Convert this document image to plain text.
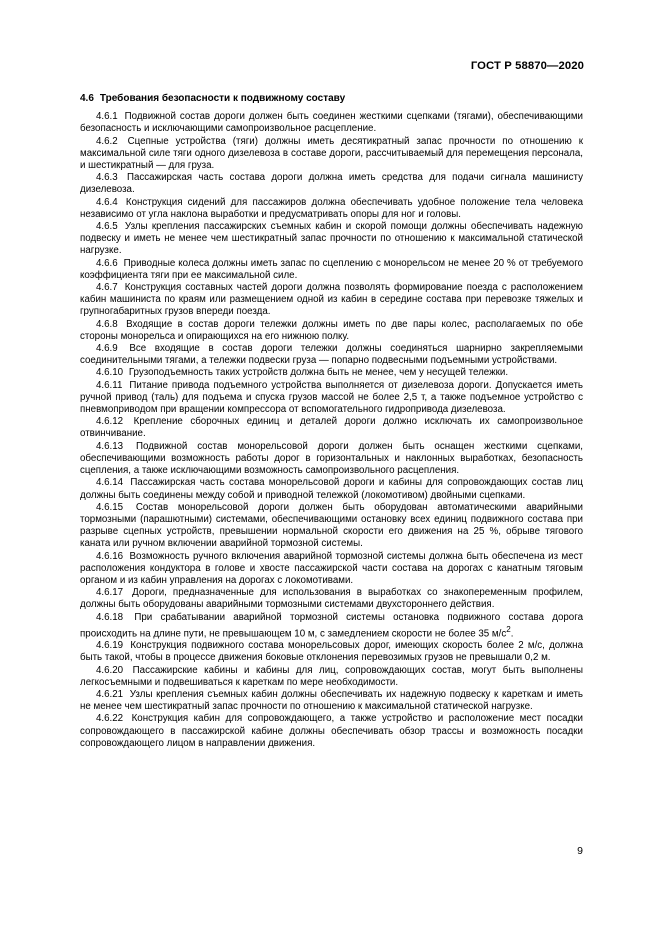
ГОСТ Р 58870—2020
4.6 Требования безопасности к подвижному составу

4.6.1 Подвижной состав дороги должен быть соединен жесткими сцепками (тягами), обеспечивающими безопасность и исключающими самопроизвольное расцепление.

4.6.2 Сцепные устройства (тяги) должны иметь десятикратный запас прочности по отношению к максимальной силе тяги одного дизелевоза в составе дороги, рассчитываемый для перемещения персонала, и шестикратный — для груза.

4.6.3 Пассажирская часть состава дороги должна иметь средства для подачи сигнала машинисту дизелевоза.

4.6.4 Конструкция сидений для пассажиров должна обеспечивать удобное положение тела человека независимо от угла наклона выработки и предусматривать опоры для ног и головы.

4.6.5 Узлы крепления пассажирских съемных кабин и скорой помощи должны обеспечивать надежную подвеску и иметь не менее чем шестикратный запас прочности по отношению к максимальной статической нагрузке.

4.6.6 Приводные колеса должны иметь запас по сцеплению с монорельсом не менее 20 % от требуемого коэффициента тяги при ее максимальной силе.

4.6.7 Конструкция составных частей дороги должна позволять формирование поезда с расположением кабин машиниста по краям или размещением одной из кабин в середине состава при перевозке тяжелых и групногабаритных грузов впереди поезда.

4.6.8 Входящие в состав дороги тележки должны иметь по две пары колес, располагаемых по обе стороны монорельса и опирающихся на его нижнюю полку.

4.6.9 Все входящие в состав дороги тележки должны соединяться шарнирно закрепляемыми соединительными тягами, а тележки подвески груза — попарно подвесными подъемными устройствами.

4.6.10 Грузоподъемность таких устройств должна быть не менее, чем у несущей тележки.

4.6.11 Питание привода подъемного устройства выполняется от дизелевоза дороги. Допускается иметь ручной привод (таль) для подъема и спуска грузов массой не более 2,5 т, а также подъемное устройство с пневмоприводом при вращении компрессора от вспомогательного гидропривода дизелевоза.

4.6.12 Крепление сборочных единиц и деталей дороги должно исключать их самопроизвольное отвинчивание.

4.6.13 Подвижной состав монорельсовой дороги должен быть оснащен жесткими сцепками, обеспечивающими возможность работы дорог в горизонтальных и наклонных выработках, безопасность сцепления, а также исключающими возможность самопроизвольного расцепления.

4.6.14 Пассажирская часть состава монорельсовой дороги и кабины для сопровождающих состав лиц должны быть соединены между собой и приводной тележкой (локомотивом) двойными сцепками.

4.6.15 Состав монорельсовой дороги должен быть оборудован автоматическими аварийными тормозными (парашютными) системами, обеспечивающими остановку всех единиц подвижного состава при разрыве сцепных устройств, превышении нормальной скорости его движения на 25 %, обрыве тягового каната или ручном включении аварийной тормозной системы.

4.6.16 Возможность ручного включения аварийной тормозной системы должна быть обеспечена из мест расположения кондуктора в голове и хвосте пассажирской части состава на дорогах с канатным тяговым органом и из кабин управления на дорогах с локомотивами.

4.6.17 Дороги, предназначенные для использования в выработках со знакопеременным профилем, должны быть оборудованы аварийными тормозными системами двухстороннего действия.

4.6.18 При срабатывании аварийной тормозной системы остановка подвижного состава дорога происходить на длине пути, не превышающем 10 м, с замедлением скорости не более 35 $м/с^2$.

4.6.19 Конструкция подвижного состава монорельсовых дорог, имеющих скорость более 2 м/с, должна быть такой, чтобы в процессе движения боковые отклонения перевозимых грузов не превышали 0,2 м.

4.6.20 Пассажирские кабины и кабины для лиц, сопровождающих состав, могут быть выполнены легкосъемными и подвешиваться к кареткам по мере необходимости.

4.6.21 Узлы крепления съемных кабин должны обеспечивать их надежную подвеску к кареткам и иметь не менее чем шестикратный запас прочности по отношению к максимальной статической нагрузке.

4.6.22 Конструкция кабин для сопровождающего, а также устройство и расположение мест посадки сопровождающего в пассажирской кабине должны обеспечивать обзор трассы и возможность посадки сопровождающего лицом в направлении движения.

9
